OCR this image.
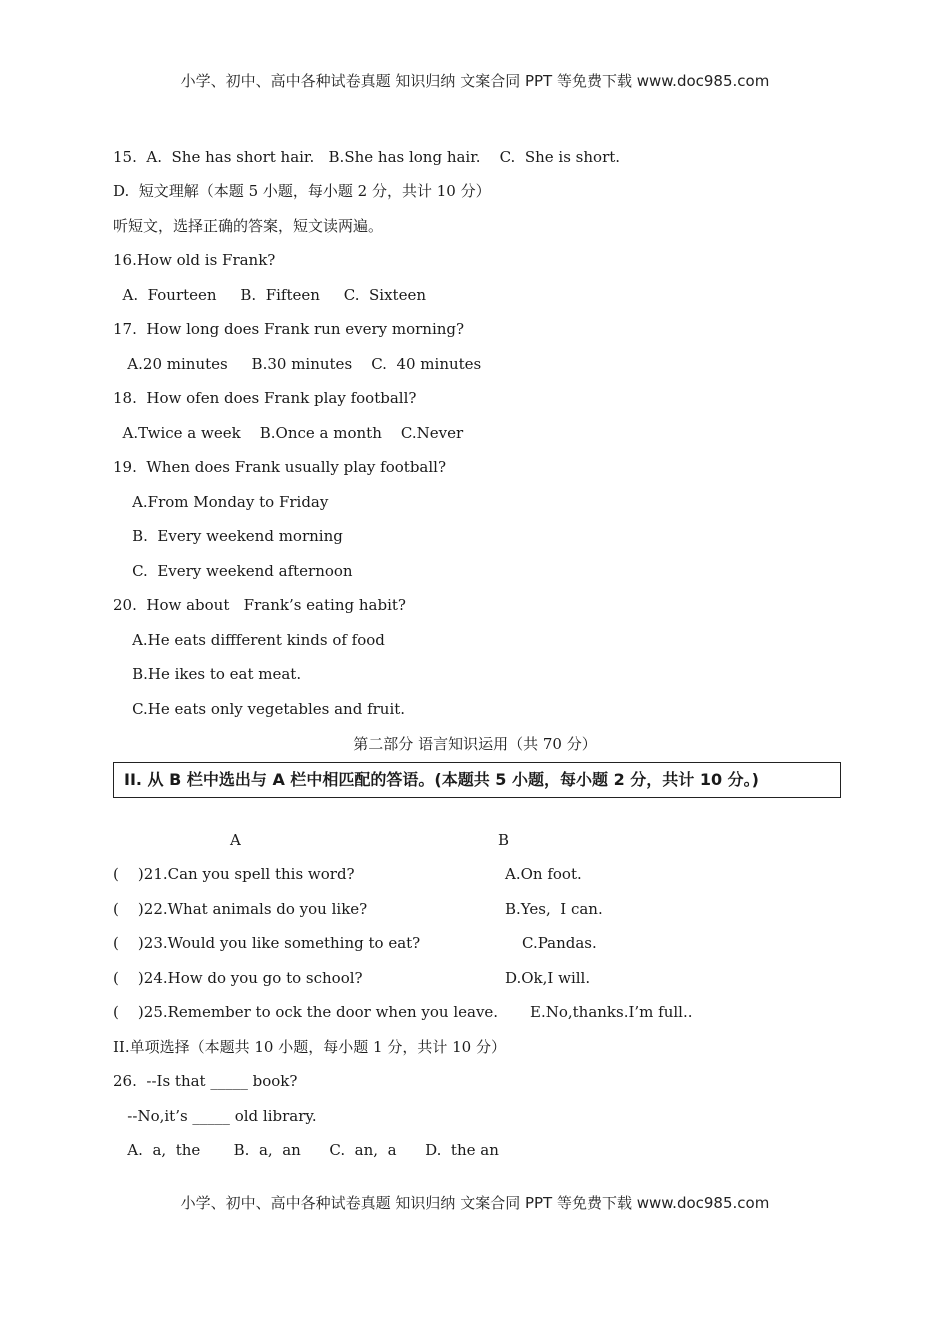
小学、初中、高中各种试卷真题 知识归纳 文案合同 PPT 等免费下载 www.doc985.com
15.  A.  She has short hair.   B.She has long hair.    C.  She is short.
D.  短文理解（本题 5 小题，每小题 2 分，共计 10 分）
听短文，选择正确的答案，短文读两遍。
16.How old is Frank?
A.  Fourteen     B.  Fifteen     C.  Sixteen
17.  How long does Frank run every morning?
A.20 minutes     B.30 minutes    C.  40 minutes
18.  How ofen does Frank play football?
A.Twice a week    B.Once a month    C.Never
19.  When does Frank usually play football?
A.From Monday to Friday
B.  Every weekend morning
C.  Every weekend afternoon
20.  How about   Frank’s eating habit?
A.He eats diffferent kinds of food
B.He ikes to eat meat.
C.He eats only vegetables and fruit.
第二部分 语言知识运用（共 70 分）
II. 从 B 栏中选出与 A 栏中相匹配的答语。(本题共 5 小题，每小题 2 分，共计 10 分。)
A	B
(    )21.Can you spell this word?	A.On foot.
(    )22.What animals do you like?	B.Yes,  I can.
(    )23.Would you like something to eat?	C.Pandas.
(    )24.How do you go to school?	D.Ok,I will.
(    )25.Remember to ock the door when you leave. E.No,thanks.I’m full..
II.单项选择（本题共 10 小题，每小题 1 分，共计 10 分）
26.  --Is that _____ book?
--No,it’s _____ old library.
A.  a,  the       B.  a,  an      C.  an,  a      D.  the an
小学、初中、高中各种试卷真题 知识归纳 文案合同 PPT 等免费下载 www.doc985.com
